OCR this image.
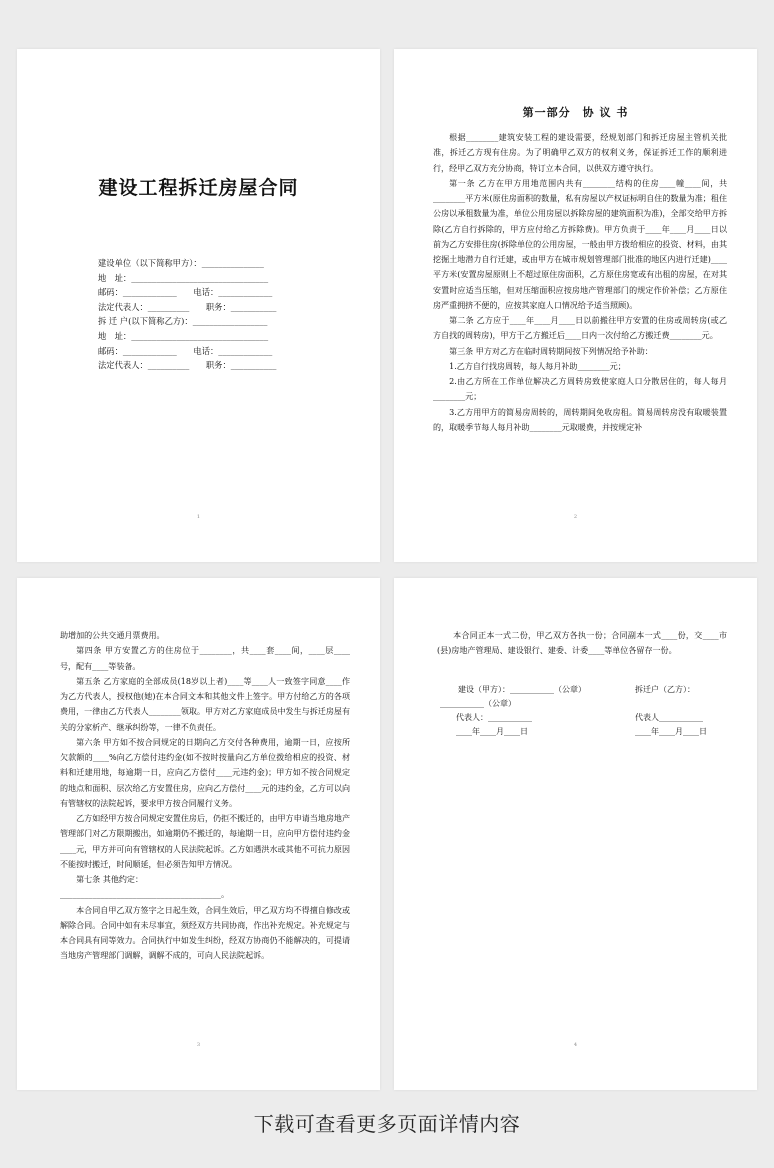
建设工程拆迁房屋合同
建设单位（以下简称甲方）：_______________
地　址：_________________________________
邮码：_____________　　电话：_____________
法定代表人：__________　　职务：___________
拆 迁 户(以下简称乙方)：__________________
地　址：_________________________________
邮码：_____________　　电话：_____________
法定代表人：__________　　职务：___________
1
第一部分　协 议 书

根据________建筑安装工程的建设需要，经规划部门和拆迁房屋主管机关批准，拆迁乙方现有住房。为了明确甲乙双方的权利义务，保证拆迁工作的顺利进行，经甲乙双方充分协商，特订立本合同，以供双方遵守执行。

第一条 乙方在甲方用地范围内共有________结构的住房____幢____间，共________平方米(原住房面积的数量，私有房屋以产权证标明自住的数量为准；租住公房以承租数量为准，单位公用房屋以拆除房屋的建筑面积为准)，全部交给甲方拆除(乙方自行拆除的，甲方应付给乙方拆除费)。甲方负责于____年____月____日以前为乙方安排住房(拆除单位的公用房屋，一般由甲方拨给相应的投资、材料，由其挖掘土地潜力自行迁建，或由甲方在城市规划管理部门批准的地区内进行迁建)____平方米(安置房屋原则上不超过原住房面积，乙方原住房宽或有出租的房屋，在对其安置时应适当压缩，但对压缩面积应按房地产管理部门的规定作价补偿；乙方原住房严重拥挤不便的，应按其家庭人口情况给予适当照顾)。

第二条 乙方应于____年____月____日以前搬往甲方安置的住房或周转房(或乙方自找的周转房)，甲方于乙方搬迁后____日内一次付给乙方搬迁费________元。

第三条 甲方对乙方在临时周转期间按下列情况给予补助：

1.乙方自行找房周转，每人每月补助________元；

2.由乙方所在工作单位解决乙方周转房致使家庭人口分散居住的，每人每月________元；

3.乙方用甲方的简易房周转的，周转期间免收房租。简易周转房没有取暖装置的，取暖季节每人每月补助________元取暖费，并按规定补

2

助增加的公共交通月票费用。

第四条 甲方安置乙方的住房位于________，共____套____间，____层____号，配有____等装备。

第五条 乙方家庭的全部成员(18岁以上者)____等____人一致签字同意____作为乙方代表人，授权他(她)在本合同文本和其他文件上签字。甲方付给乙方的各项费用，一律由乙方代表人________领取。甲方对乙方家庭成员中发生与拆迁房屋有关的分家析产、继承纠纷等，一律不负责任。

第六条 甲方如不按合同规定的日期向乙方交付各种费用，逾期一日，应按所欠款额的____%向乙方偿付违约金(如不按时按量向乙方单位拨给相应的投资、材料和迁建用地，每逾期一日，应向乙方偿付____元违约金)；甲方如不按合同规定的地点和面积、层次给乙方安置住房，应向乙方偿付____元的违约金，乙方可以向有管辖权的法院起诉，要求甲方按合同履行义务。

乙方如经甲方按合同规定安置住房后，仍拒不搬迁的，由甲方申请当地房地产管理部门对乙方限期搬出，如逾期仍不搬迁的，每逾期一日，应向甲方偿付违约金____元，甲方并可向有管辖权的人民法院起诉。乙方如遇洪水或其他不可抗力原因不能按时搬迁，时间顺延，但必须告知甲方情况。

第七条 其他约定：

________________________________________。

本合同自甲乙双方签字之日起生效，合同生效后，甲乙双方均不得擅自修改或解除合同。合同中如有未尽事宜，须经双方共同协商，作出补充规定。补充规定与本合同具有同等效力。合同执行中如发生纠纷，经双方协商仍不能解决的，可提请当地房产管理部门调解，调解不成的，可向人民法院起诉。

3

本合同正本一式二份，甲乙双方各执一份；合同副本一式____份，交____市(县)房地产管理局、建设银行、建委、计委____等单位各留存一份。

建设（甲方）：___________（公章）	拆迁户（乙方）：
___________（公章）
代表人：___________	代表人___________
____年____月____日	____年____月____日
4
下载可查看更多页面详情内容
